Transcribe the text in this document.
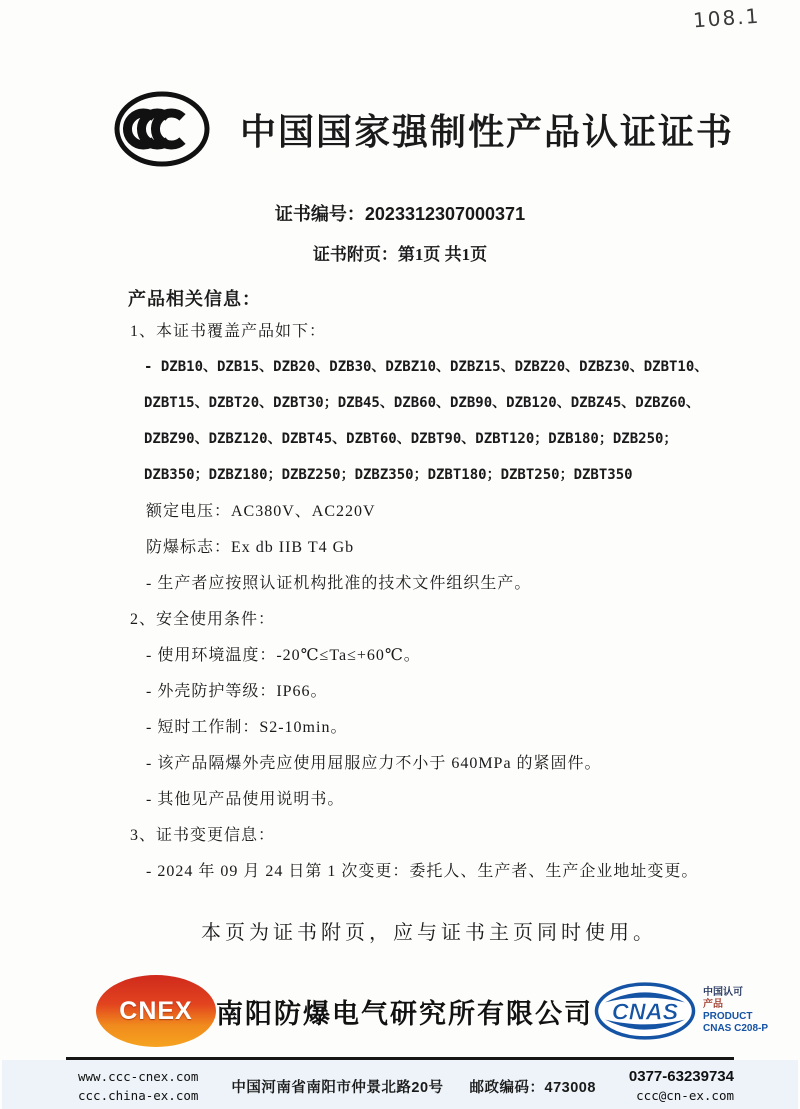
108.1
中国国家强制性产品认证证书
证书编号：2023312307000371
证书附页：第1页 共1页
产品相关信息：
1、本证书覆盖产品如下：
- DZB10、DZB15、DZB20、DZB30、DZBZ10、DZBZ15、DZBZ20、DZBZ30、DZBT10、
DZBT15、DZBT20、DZBT30；DZB45、DZB60、DZB90、DZB120、DZBZ45、DZBZ60、
DZBZ90、DZBZ120、DZBT45、DZBT60、DZBT90、DZBT120；DZB180；DZB250；
DZB350；DZBZ180；DZBZ250；DZBZ350；DZBT180；DZBT250；DZBT350
额定电压：AC380V、AC220V
防爆标志：Ex db IIB T4 Gb
- 生产者应按照认证机构批准的技术文件组织生产。
2、安全使用条件：
- 使用环境温度：-20℃≤Ta≤+60℃。
- 外壳防护等级：IP66。
- 短时工作制：S2-10min。
- 该产品隔爆外壳应使用屈服应力不小于 640MPa 的紧固件。
- 其他见产品使用说明书。
3、证书变更信息：
- 2024 年 09 月 24 日第 1 次变更：委托人、生产者、生产企业地址变更。
本页为证书附页，应与证书主页同时使用。
CNEX 南阳防爆电气研究所有限公司 CNAS
中国认可
产品
PRODUCT
CNAS C208-P
www.ccc-cnex.com
ccc.china-ex.com 中国河南省南阳市仲景北路20号 邮政编码：473008
0377-63239734
ccc@cn-ex.com
